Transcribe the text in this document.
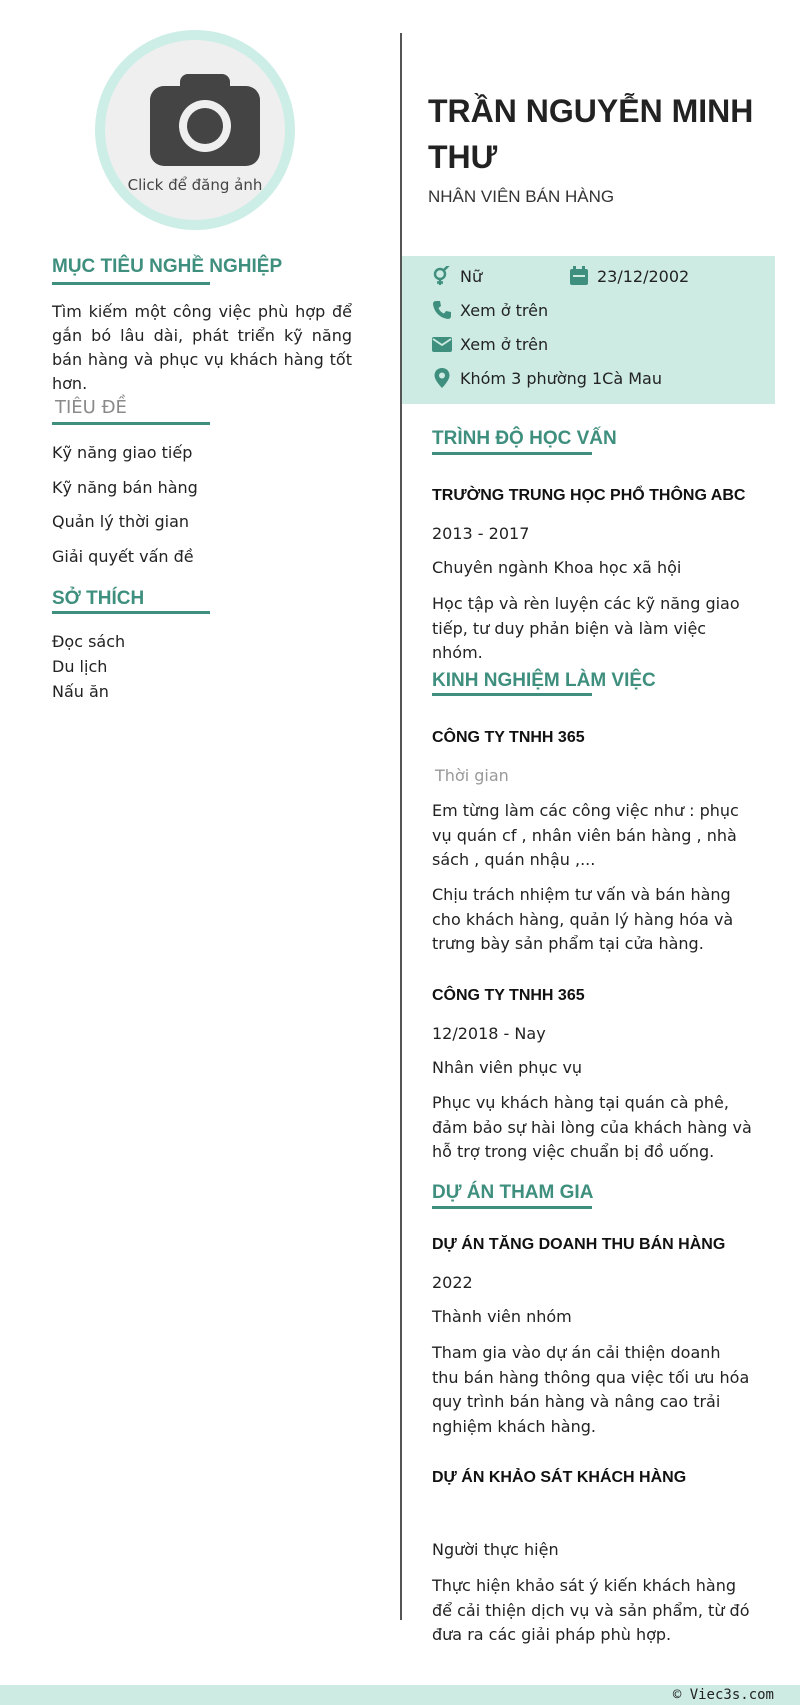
Click để đăng ảnh
MỤC TIÊU NGHỀ NGHIỆP
Tìm kiếm một công việc phù hợp để gắn bó lâu dài, phát triển kỹ năng bán hàng và phục vụ khách hàng tốt hơn.
TIÊU ĐỀ
Kỹ năng giao tiếp
Kỹ năng bán hàng
Quản lý thời gian
Giải quyết vấn đề
SỞ THÍCH
Đọc sách
Du lịch
Nấu ăn
TRẦN NGUYỄN MINH THƯ
NHÂN VIÊN BÁN HÀNG
Nữ	23/12/2002
Xem ở trên
Xem ở trên
Khóm 3 phường 1Cà Mau
TRÌNH ĐỘ HỌC VẤN
TRƯỜNG TRUNG HỌC PHỔ THÔNG ABC
2013 - 2017
Chuyên ngành Khoa học xã hội
Học tập và rèn luyện các kỹ năng giao tiếp, tư duy phản biện và làm việc nhóm.
KINH NGHIỆM LÀM VIỆC
CÔNG TY TNHH 365
Thời gian
Em từng làm các công việc như : phục vụ quán cf , nhân viên bán hàng , nhà sách , quán nhậu ,...
Chịu trách nhiệm tư vấn và bán hàng cho khách hàng, quản lý hàng hóa và trưng bày sản phẩm tại cửa hàng.
CÔNG TY TNHH 365
12/2018 - Nay
Nhân viên phục vụ
Phục vụ khách hàng tại quán cà phê, đảm bảo sự hài lòng của khách hàng và hỗ trợ trong việc chuẩn bị đồ uống.
DỰ ÁN THAM GIA
DỰ ÁN TĂNG DOANH THU BÁN HÀNG
2022
Thành viên nhóm
Tham gia vào dự án cải thiện doanh thu bán hàng thông qua việc tối ưu hóa quy trình bán hàng và nâng cao trải nghiệm khách hàng.
DỰ ÁN KHẢO SÁT KHÁCH HÀNG
Người thực hiện
Thực hiện khảo sát ý kiến khách hàng để cải thiện dịch vụ và sản phẩm, từ đó đưa ra các giải pháp phù hợp.
© Viec3s.com
